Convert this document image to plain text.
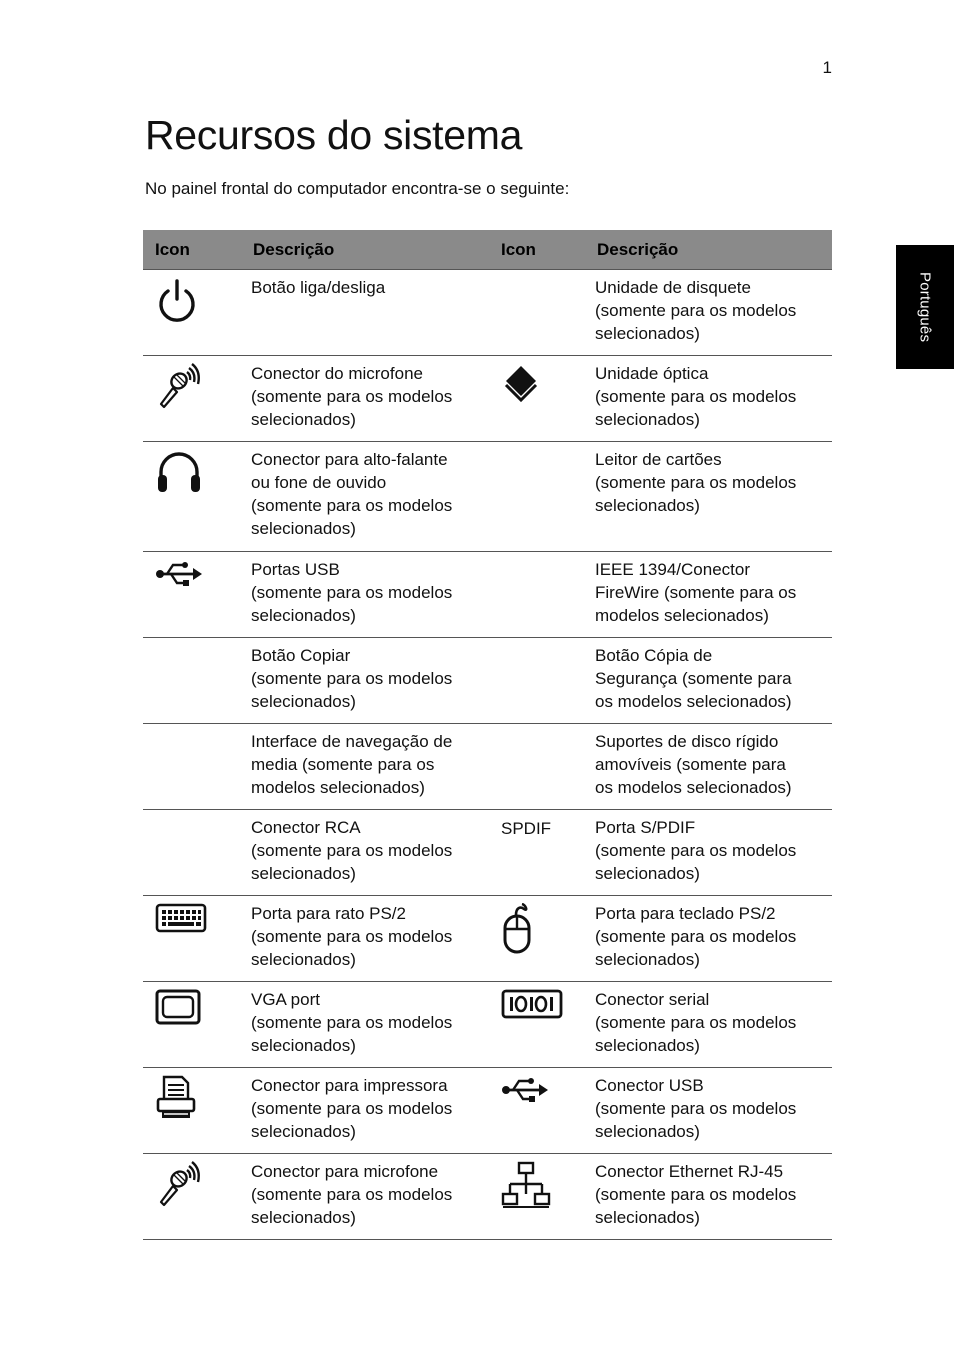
1
Recursos do sistema

No painel frontal do computador encontra-se o seguinte:

Português
Icon	Descrição	Icon	Descrição

	Botão liga/desliga		Unidade de disquete
(somente para os modelos
selecionados)

	Conector do microfone
(somente para os modelos
selecionados)		Unidade óptica
(somente para os modelos
selecionados)

	Conector para alto-falante
ou fone de ouvido
(somente para os modelos
selecionados)		Leitor de cartões
(somente para os modelos
selecionados)

	Portas USB
(somente para os modelos
selecionados)		IEEE 1394/Conector
FireWire (somente para os
modelos selecionados)
	Botão Copiar
(somente para os modelos
selecionados)		Botão Cópia de
Segurança (somente para
os modelos selecionados)
	Interface de navegação de
media (somente para os
modelos selecionados)		Suportes de disco rígido
amovíveis (somente para
os modelos selecionados)
	Conector RCA
(somente para os modelos
selecionados)	SPDIF	Porta S/PDIF
(somente para os modelos
selecionados)

	Porta para rato PS/2
(somente para os modelos
selecionados)		Porta para teclado PS/2
(somente para os modelos
selecionados)

	VGA port
(somente para os modelos
selecionados)		Conector serial
(somente para os modelos
selecionados)

	Conector para impressora
(somente para os modelos
selecionados)		Conector USB
(somente para os modelos
selecionados)

	Conector para microfone
(somente para os modelos
selecionados)		Conector Ethernet RJ-45
(somente para os modelos
selecionados)
